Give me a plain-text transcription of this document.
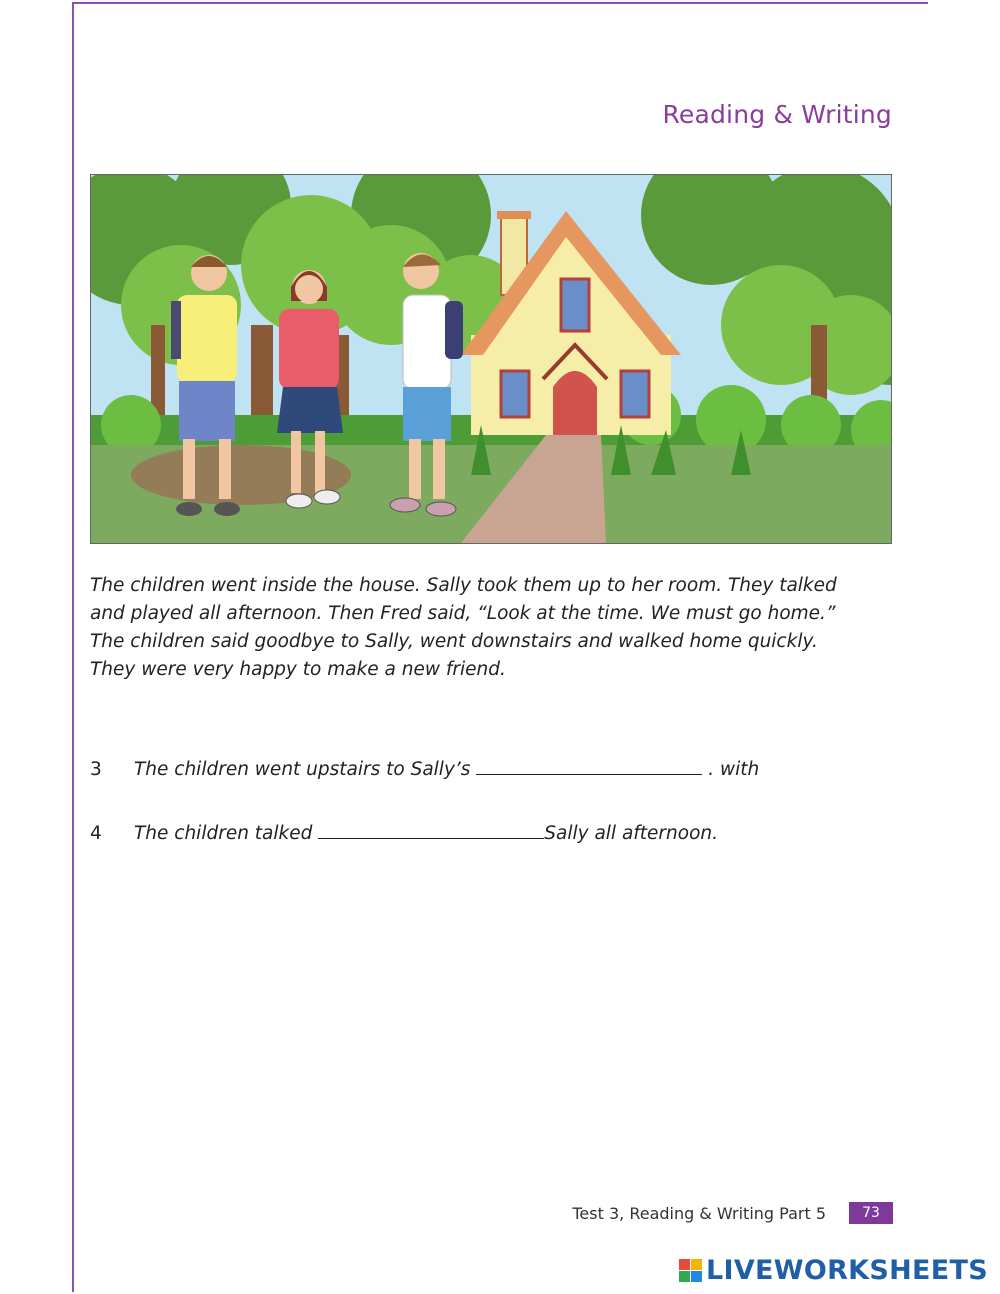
Reading & Writing
The children went inside the house. Sally took them up to her room. They talked
and played all afternoon. Then Fred said, “Look at the time. We must go home.”
The children said goodbye to Sally, went downstairs and walked home quickly.
They were very happy to make a new friend.
3 The children went upstairs to Sally’s	. with
4 The children talked	Sally all afternoon.
Test 3, Reading & Writing Part 5	73
LIVEWORKSHEETS
